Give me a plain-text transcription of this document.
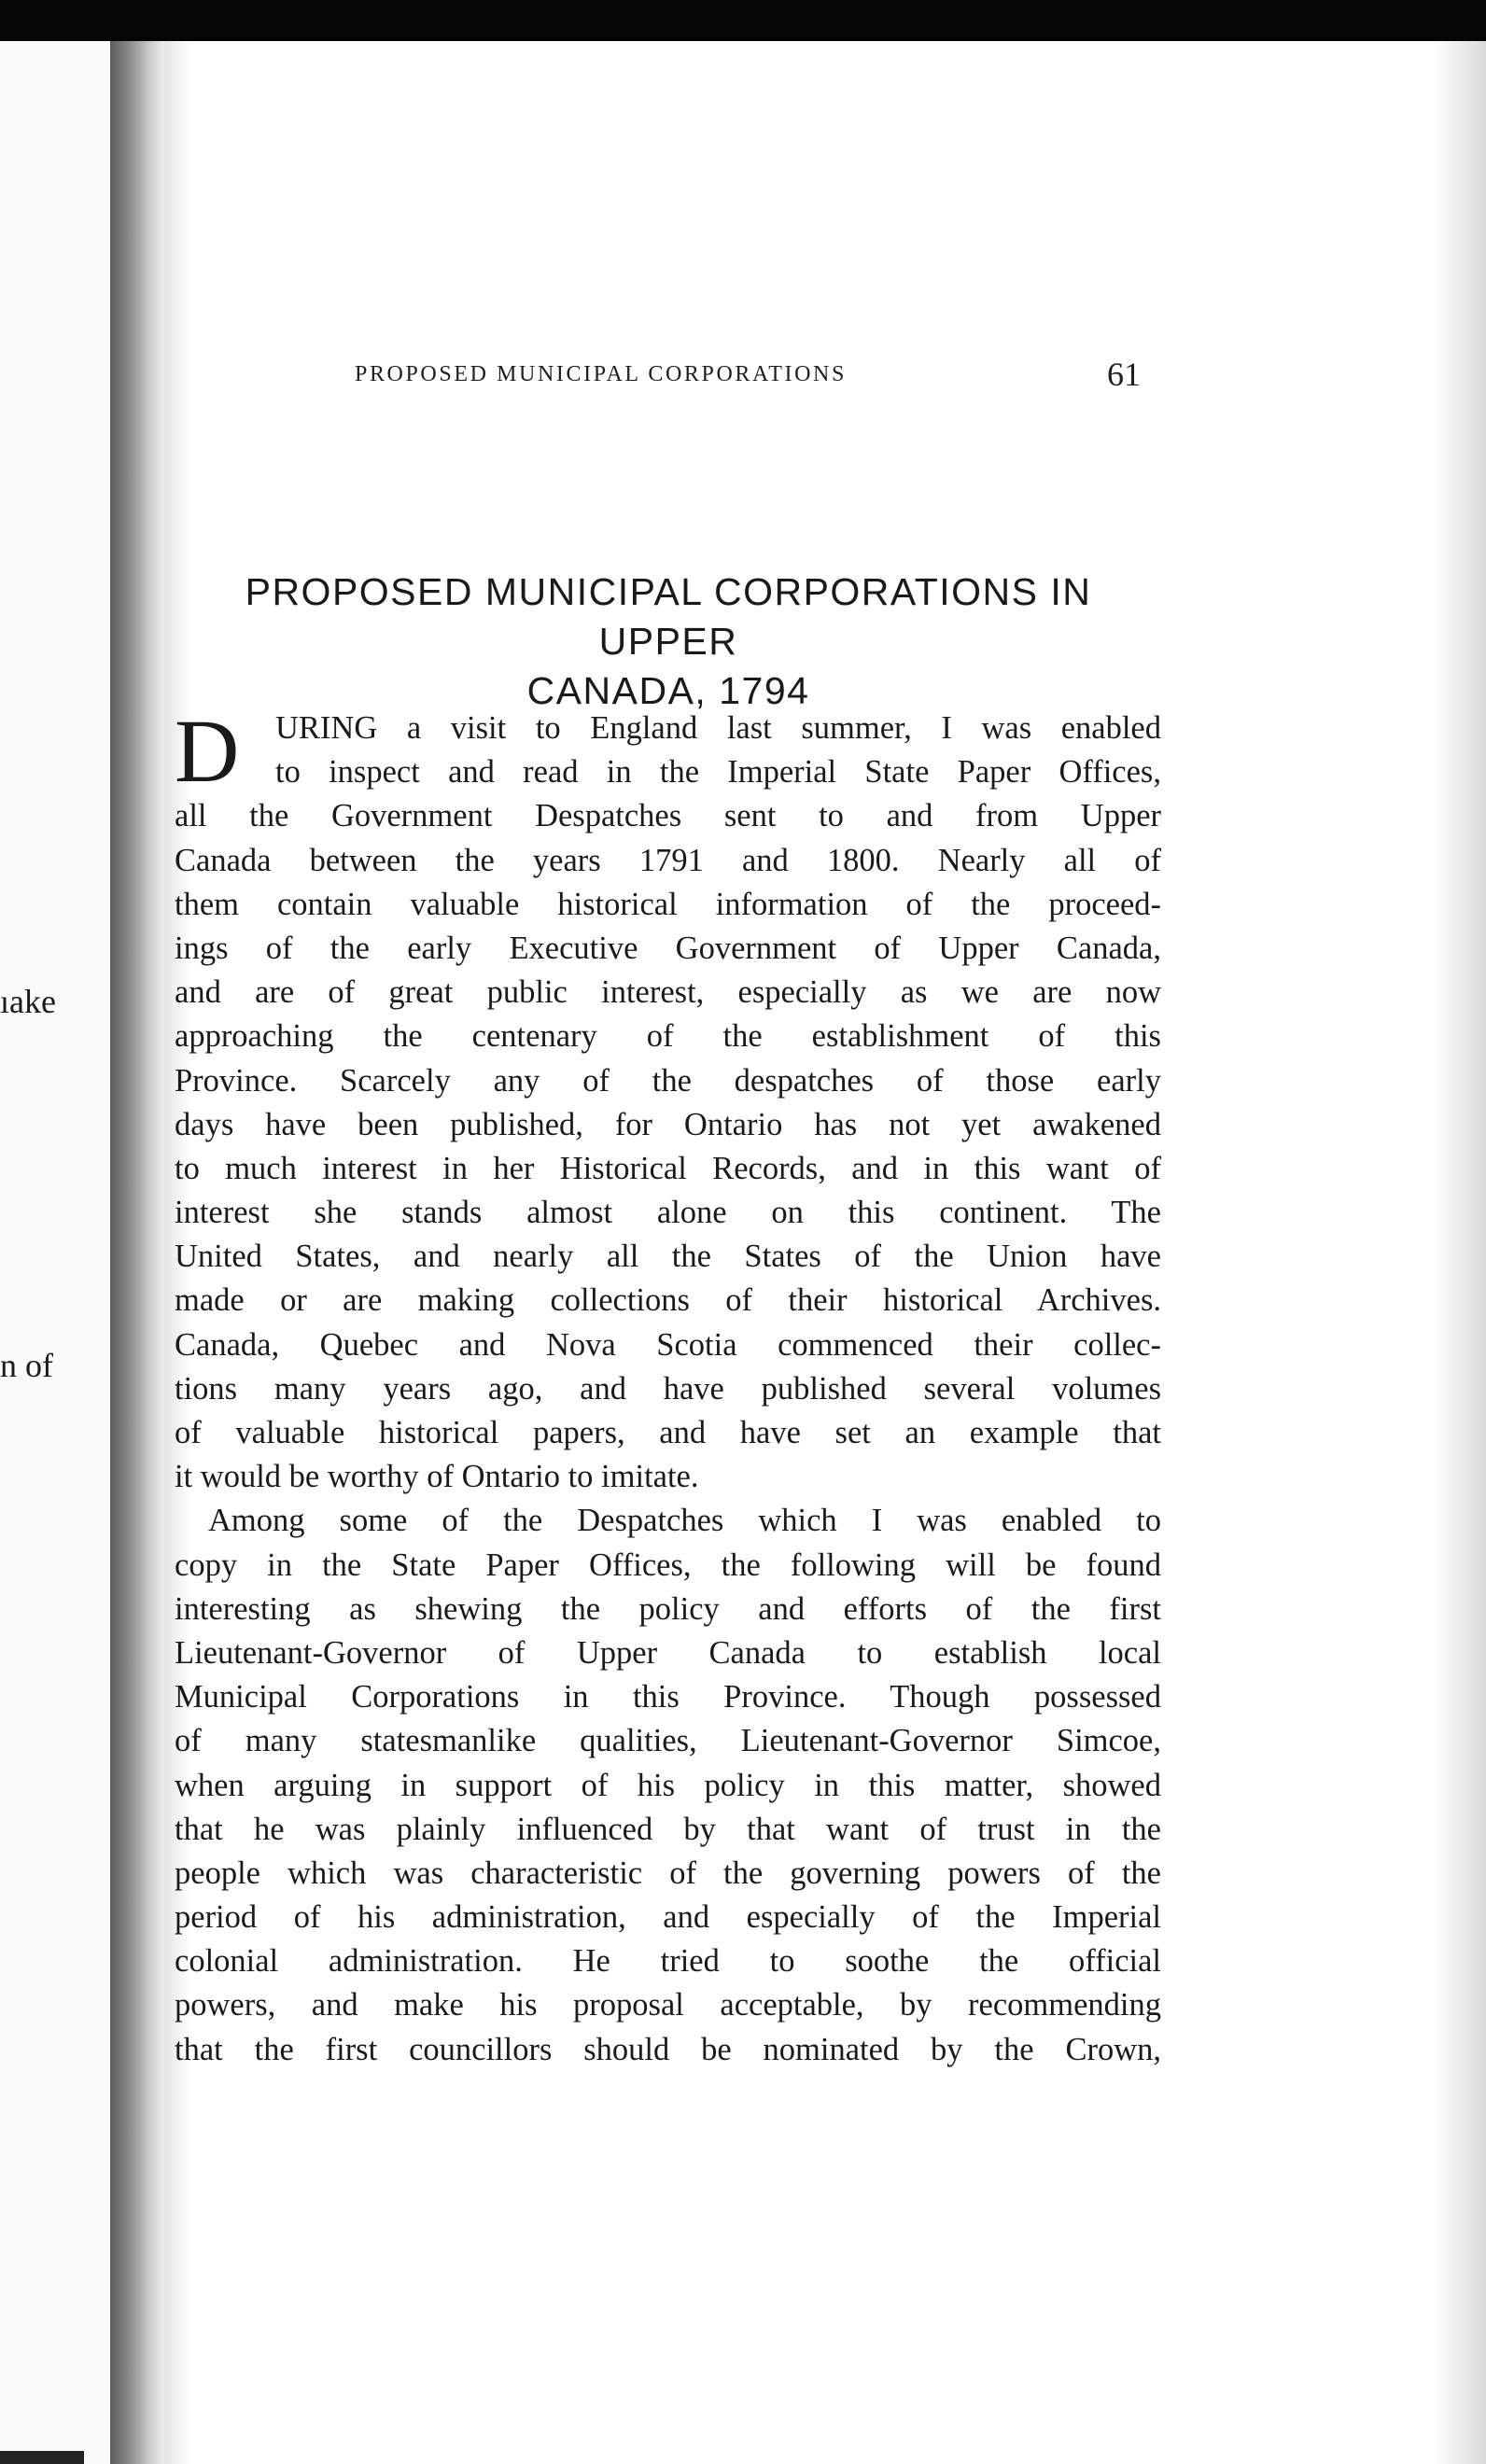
ıake
n of
PROPOSED MUNICIPAL CORPORATIONS	61
PROPOSED MUNICIPAL CORPORATIONS IN UPPER
CANADA, 1794
D	URING a visit to England last summer, I was enabled
to inspect and read in the Imperial State Paper Offices,
all the Government Despatches sent to and from Upper
Canada between the years 1791 and 1800. Nearly all of
them contain valuable historical information of the proceed-
ings of the early Executive Government of Upper Canada,
and are of great public interest, especially as we are now
approaching the centenary of the establishment of this
Province. Scarcely any of the despatches of those early
days have been published, for Ontario has not yet awakened
to much interest in her Historical Records, and in this want of
interest she stands almost alone on this continent. The
United States, and nearly all the States of the Union have
made or are making collections of their historical Archives.
Canada, Quebec and Nova Scotia commenced their collec-
tions many years ago, and have published several volumes
of valuable historical papers, and have set an example that
it would be worthy of Ontario to imitate.
Among some of the Despatches which I was enabled to
copy in the State Paper Offices, the following will be found
interesting as shewing the policy and efforts of the first
Lieutenant-Governor of Upper Canada to establish local
Municipal Corporations in this Province. Though possessed
of many statesmanlike qualities, Lieutenant-Governor Simcoe,
when arguing in support of his policy in this matter, showed
that he was plainly influenced by that want of trust in the
people which was characteristic of the governing powers of the
period of his administration, and especially of the Imperial
colonial administration. He tried to soothe the official
powers, and make his proposal acceptable, by recommending
that the first councillors should be nominated by the Crown,
